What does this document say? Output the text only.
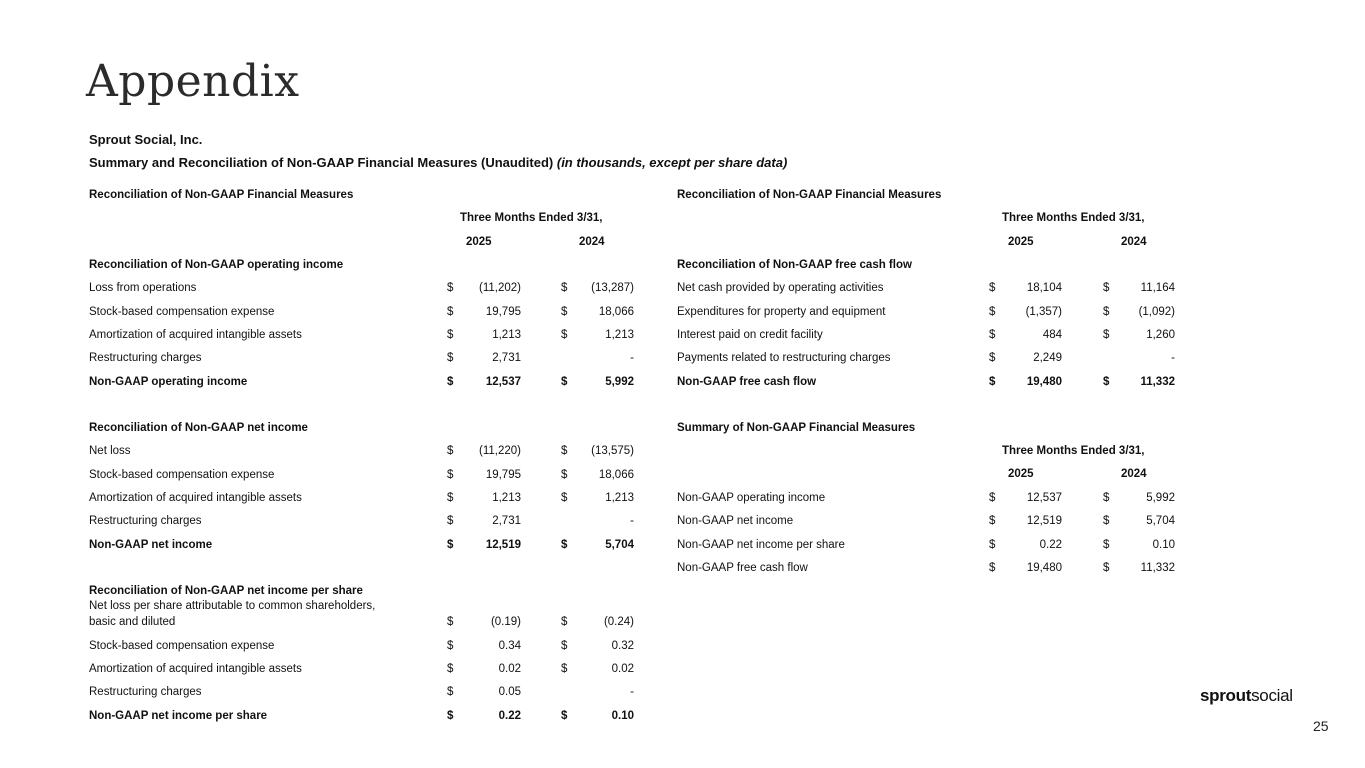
Appendix
Sprout Social, Inc.
Summary and Reconciliation of Non-GAAP Financial Measures (Unaudited) (in thousands, except per share data)
Reconciliation of Non-GAAP Financial Measures
Three Months Ended 3/31,
2025	2024
Reconciliation of Non-GAAP operating income
Loss from operations	$	(11,202)	$	(13,287)
Stock-based compensation expense	$	19,795	$	18,066
Amortization of acquired intangible assets	$	1,213	$	1,213
Restructuring charges	$	2,731	-
Non-GAAP operating income	$	12,537	$	5,992
Reconciliation of Non-GAAP net income
Net loss	$	(11,220)	$	(13,575)
Stock-based compensation expense	$	19,795	$	18,066
Amortization of acquired intangible assets	$	1,213	$	1,213
Restructuring charges	$	2,731	-
Non-GAAP net income	$	12,519	$	5,704
Reconciliation of Non-GAAP net income per share
Net loss per share attributable to common shareholders,
basic and diluted	$	(0.19)	$	(0.24)
Stock-based compensation expense	$	0.34	$	0.32
Amortization of acquired intangible assets	$	0.02	$	0.02
Restructuring charges	$	0.05	-
Non-GAAP net income per share	$	0.22	$	0.10
Reconciliation of Non-GAAP Financial Measures
Three Months Ended 3/31,
2025	2024
Reconciliation of Non-GAAP free cash flow
Net cash provided by operating activities	$	18,104	$	11,164
Expenditures for property and equipment	$	(1,357)	$	(1,092)
Interest paid on credit facility	$	484	$	1,260
Payments related to restructuring charges	$	2,249	-
Non-GAAP free cash flow	$	19,480	$	11,332
Summary of Non-GAAP Financial Measures
Three Months Ended 3/31,
2025	2024
Non-GAAP operating income	$	12,537	$	5,992
Non-GAAP net income	$	12,519	$	5,704
Non-GAAP net income per share	$	0.22	$	0.10
Non-GAAP free cash flow	$	19,480	$	11,332
sproutsocial
25
